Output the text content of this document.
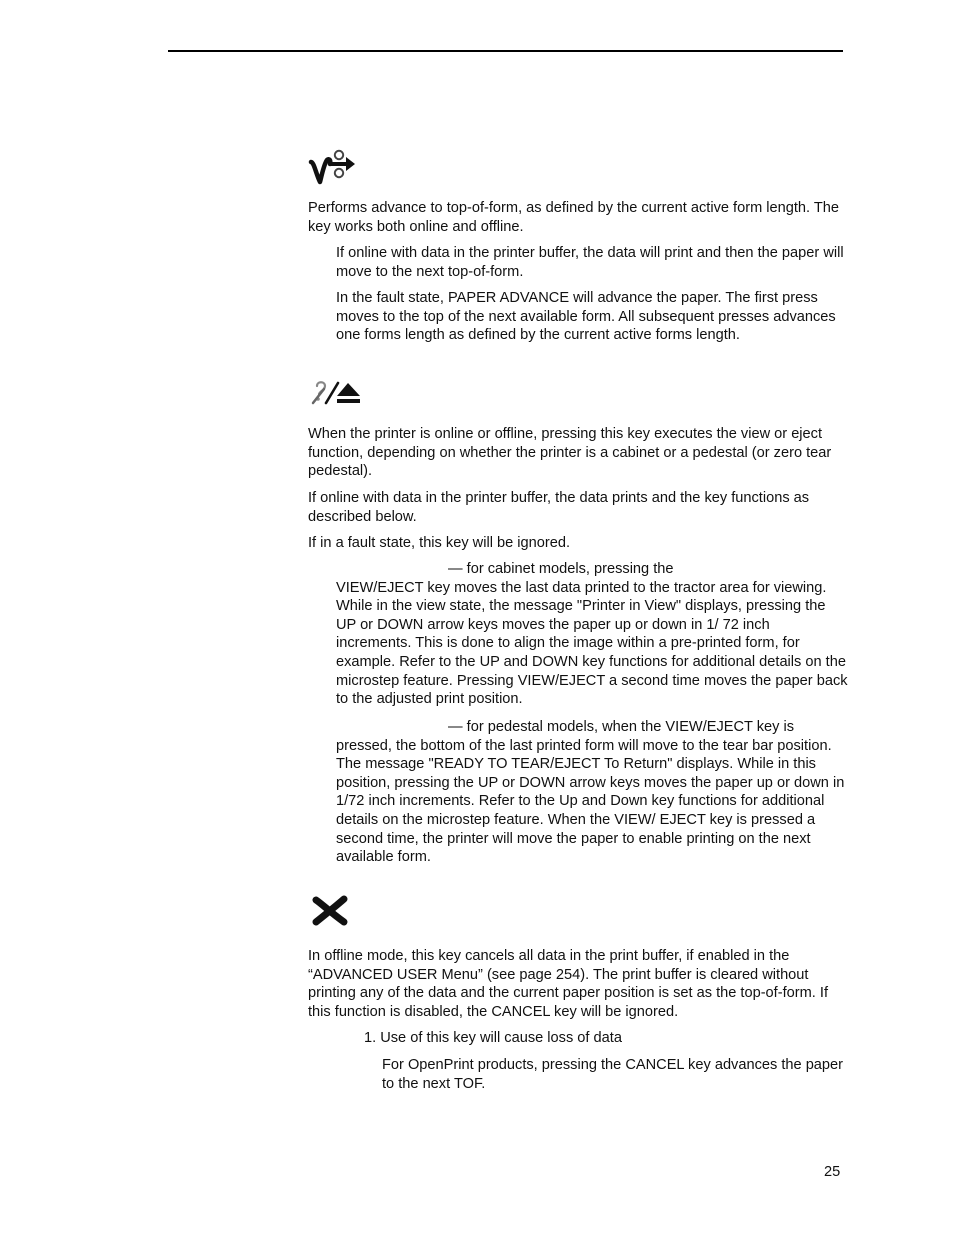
Performs advance to top-of-form, as defined by the current active form length. The key works both online and offline.

If online with data in the printer buffer, the data will print and then the paper will move to the next top-of-form.

In the fault state, PAPER ADVANCE will advance the paper. The first press moves to the top of the next available form. All subsequent presses advances one forms length as defined by the current active forms length.

When the printer is online or offline, pressing this key executes the view or eject function, depending on whether the printer is a cabinet or a pedestal (or zero tear pedestal).

If online with data in the printer buffer, the data prints and the key functions as described below.

If in a fault state, this key will be ignored.

— for cabinet models, pressing the
VIEW/EJECT key moves the last data printed to the tractor area for viewing. While in the view state, the message "Printer in View" displays, pressing the UP or DOWN arrow keys moves the paper up or down in 1/ 72 inch increments. This is done to align the image within a pre-printed form, for example. Refer to the UP and DOWN key functions for additional details on the microstep feature. Pressing VIEW/EJECT a second time moves the paper back to the adjusted print position.
— for pedestal models, when the VIEW/EJECT key is
pressed, the bottom of the last printed form will move to the tear bar position. The message "READY TO TEAR/EJECT To Return" displays. While in this position, pressing the UP or DOWN arrow keys moves the paper up or down in 1/72 inch increments. Refer to the Up and Down key functions for additional details on the microstep feature. When the VIEW/ EJECT key is pressed a second time, the printer will move the paper to enable printing on the next available form.

In offline mode, this key cancels all data in the print buffer, if enabled in the “ADVANCED USER Menu” (see page 254). The print buffer is cleared without printing any of the data and the current paper position is set as the top-of-form. If this function is disabled, the CANCEL key will be ignored.

1. Use of this key will cause loss of data

For OpenPrint products, pressing the CANCEL key advances the paper to the next TOF.

25
